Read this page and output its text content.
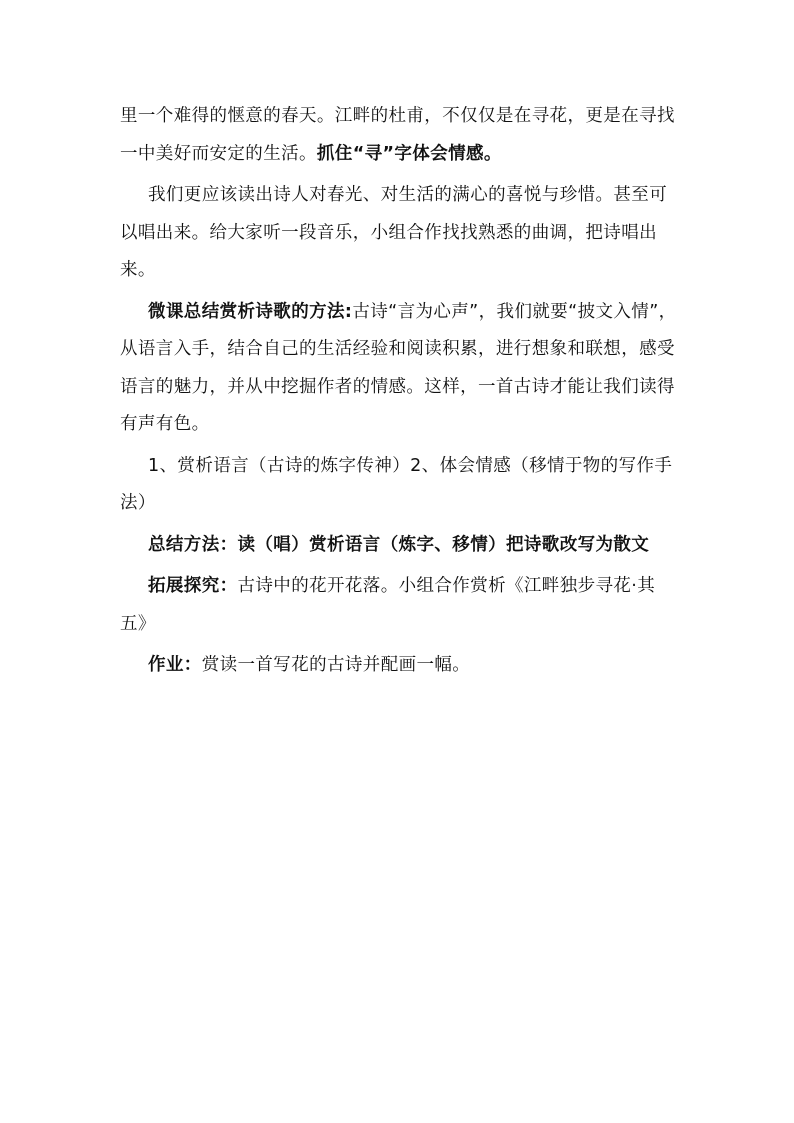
里一个难得的惬意的春天。江畔的杜甫，不仅仅是在寻花，更是在寻找一中美好而安定的生活。抓住“寻”字体会情感。

我们更应该读出诗人对春光、对生活的满心的喜悦与珍惜。甚至可以唱出来。给大家听一段音乐，小组合作找找熟悉的曲调，把诗唱出来。

微课总结赏析诗歌的方法:古诗“言为心声”，我们就要“披文入情”，从语言入手，结合自己的生活经验和阅读积累，进行想象和联想，感受语言的魅力，并从中挖掘作者的情感。这样，一首古诗才能让我们读得有声有色。

1、赏析语言（古诗的炼字传神）2、体会情感（移情于物的写作手法）

总结方法：读（唱）赏析语言（炼字、移情）把诗歌改写为散文

拓展探究：古诗中的花开花落。小组合作赏析《江畔独步寻花·其五》

作业：赏读一首写花的古诗并配画一幅。
